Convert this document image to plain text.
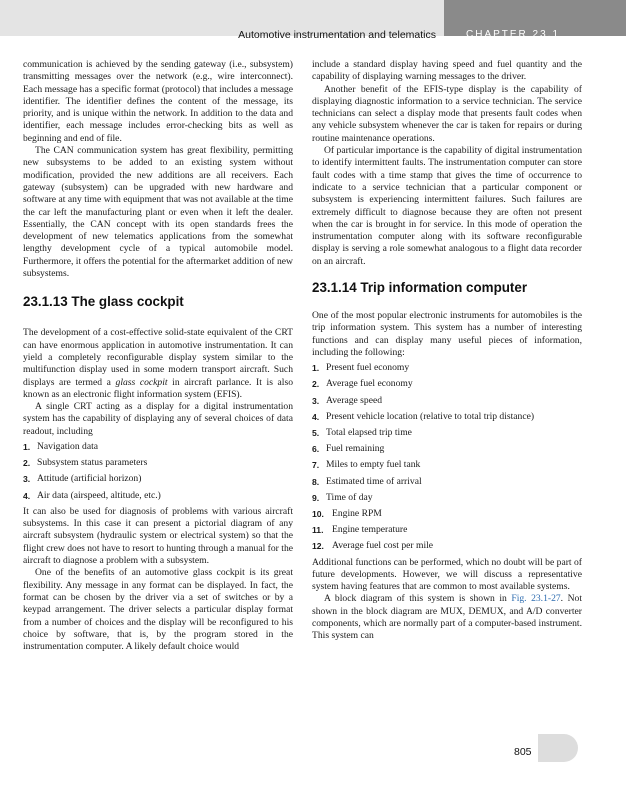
Automotive instrumentation and telematics	CHAPTER 23.1

communication is achieved by the sending gateway (i.e., subsystem) transmitting messages over the network (e.g., wire interconnect). Each message has a specific format (protocol) that includes a message identifier. The identifier defines the content of the message, its priority, and is unique within the network. In addition to the data and identifier, each message includes error-checking bits as well as beginning and end of file.

The CAN communication system has great flexibility, permitting new subsystems to be added to an existing system without modification, provided the new additions are all receivers. Each gateway (subsystem) can be upgraded with new hardware and software at any time with equipment that was not available at the time the car left the manufacturing plant or even when it left the dealer. Essentially, the CAN concept with its open standards frees the development of new telematics applications from the somewhat lengthy development cycle of a typical automobile model. Furthermore, it offers the potential for the aftermarket addition of new subsystems.

23.1.13 The glass cockpit

The development of a cost-effective solid-state equivalent of the CRT can have enormous application in automotive instrumentation. It can yield a completely reconfigurable display system similar to the multifunction display used in some modern transport aircraft. Such displays are termed a glass cockpit in aircraft parlance. It is also known as an electronic flight information system (EFIS).

A single CRT acting as a display for a digital instrumentation system has the capability of displaying any of several choices of data readout, including

1. Navigation data
2. Subsystem status parameters
3. Attitude (artificial horizon)
4. Air data (airspeed, altitude, etc.)

It can also be used for diagnosis of problems with various aircraft subsystems. In this case it can present a pictorial diagram of any aircraft subsystem (hydraulic system or electrical system) so that the flight crew does not have to resort to hunting through a manual for the aircraft to diagnose a problem with a subsystem.

One of the benefits of an automotive glass cockpit is its great flexibility. Any message in any format can be displayed. In fact, the format can be chosen by the driver via a set of switches or by a keypad arrangement. The driver selects a particular display format from a number of choices and the display will be reconfigured to his choice by software, that is, by the program stored in the instrumentation computer. A likely default choice would

include a standard display having speed and fuel quantity and the capability of displaying warning messages to the driver.

Another benefit of the EFIS-type display is the capability of displaying diagnostic information to a service technician. The service technicians can select a display mode that presents fault codes when any vehicle subsystem whenever the car is taken for repairs or during routine maintenance operations.

Of particular importance is the capability of digital instrumentation to identify intermittent faults. The instrumentation computer can store fault codes with a time stamp that gives the time of occurrence to indicate to a service technician that a particular component or subsystem is experiencing intermittent failures. Such failures are extremely difficult to diagnose because they are often not present when the car is brought in for service. In this mode of operation the instrumentation computer along with its software reconfigurable display is serving a role somewhat analogous to a flight data recorder on an aircraft.

23.1.14 Trip information computer

One of the most popular electronic instruments for automobiles is the trip information system. This system has a number of interesting functions and can display many useful pieces of information, including the following:

1. Present fuel economy
2. Average fuel economy
3. Average speed
4. Present vehicle location (relative to total trip distance)
5. Total elapsed trip time
6. Fuel remaining
7. Miles to empty fuel tank
8. Estimated time of arrival
9. Time of day
10. Engine RPM
11. Engine temperature
12. Average fuel cost per mile

Additional functions can be performed, which no doubt will be part of future developments. However, we will discuss a representative system having features that are common to most available systems.

A block diagram of this system is shown in Fig. 23.1-27. Not shown in the block diagram are MUX, DEMUX, and A/D converter components, which are normally part of a computer-based instrument. This system can

805
